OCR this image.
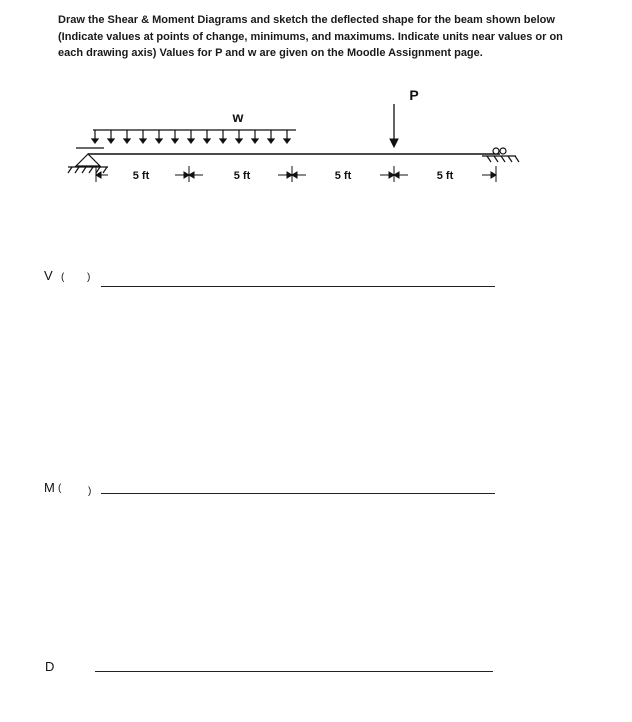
Draw the Shear & Moment Diagrams and sketch the deflected shape for the beam shown below (Indicate values at points of change, minimums, and maximums. Indicate units near values or on each drawing axis) Values for P and w are given on the Moodle Assignment page.
w
P
5 ft	5 ft	5 ft	5 ft
V ( )
M (	)
D
